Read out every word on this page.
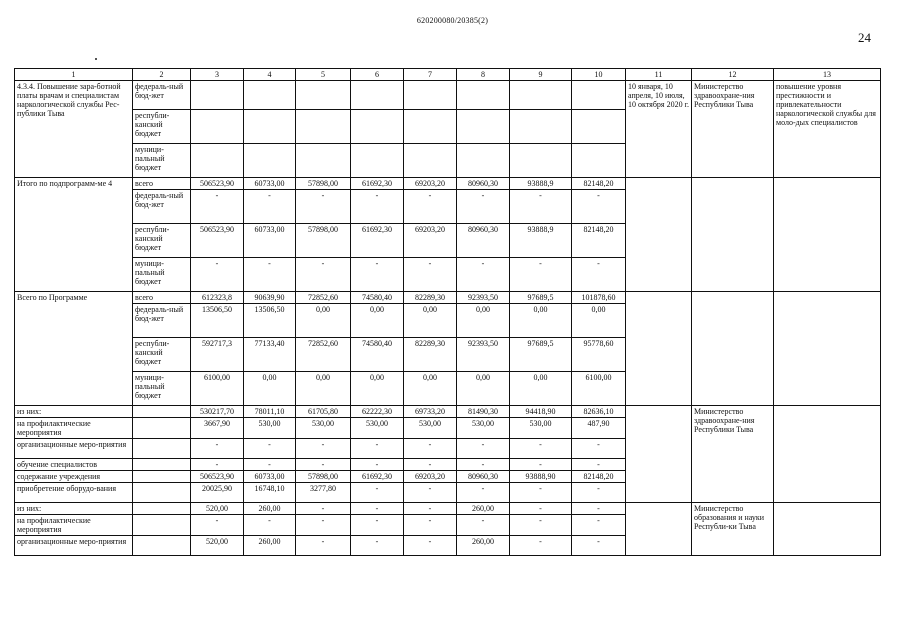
620200080/20385(2)
24
1	2	3	4	5	6	7	8	9	10	11	12	13
4.3.4. Повышение зара-ботной платы врачам и специалистам наркологической службы Рес-публики Тыва	федераль-ный бюд-жет									10 января, 10 апреля, 10 июля, 10 октября 2020 г.	Министерство здравоохране-ния Республики Тыва	повышение уровня престижности и привлекательности наркологической службы для моло-дых специалистов
	республи-канский бюджет											
	муници-пальный бюджет											
Итого по подпрограмм-ме 4	всего	506523,90	60733,00	57898,00	61692,30	69203,20	80960,30	93888,9	82148,20			
	федераль-ный бюд-жет	-	-	-	-	-	-	-	-			
	республи-канский бюджет	506523,90	60733,00	57898,00	61692,30	69203,20	80960,30	93888,9	82148,20			
	муници-пальный бюджет	-	-	-	-	-	-	-	-			
Всего по Программе	всего	612323,8	90639,90	72852,60	74580,40	82289,30	92393,50	97689,5	101878,60			
	федераль-ный бюд-жет	13506,50	13506,50	0,00	0,00	0,00	0,00	0,00	0,00			
	республи-канский бюджет	592717,3	77133,40	72852,60	74580,40	82289,30	92393,50	97689,5	95778,60			
	муници-пальный бюджет	6100,00	0,00	0,00	0,00	0,00	0,00	0,00	6100,00			
из них:		530217,70	78011,10	61705,80	62222,30	69733,20	81490,30	94418,90	82636,10		Министерство здравоохране-ния Республики Тыва	
на профилактические мероприятия		3667,90	530,00	530,00	530,00	530,00	530,00	530,00	487,90			
организационные меро-приятия		-	-	-	-	-	-	-	-			
обучение специалистов		-	-	-	-	-	-	-	-			
содержание учреждения		506523,90	60733,00	57898,00	61692,30	69203,20	80960,30	93888,90	82148,20			
приобретение оборудо-вания		20025,90	16748,10	3277,80	-	-	-	-	-			
из них:		520,00	260,00	-	-	-	260,00	-	-		Министерство образования и науки Республи-ки Тыва	
на профилактические мероприятия		-	-	-	-	-	-	-	-			
организационные меро-приятия		520,00	260,00	-	-	-	260,00	-	-			
